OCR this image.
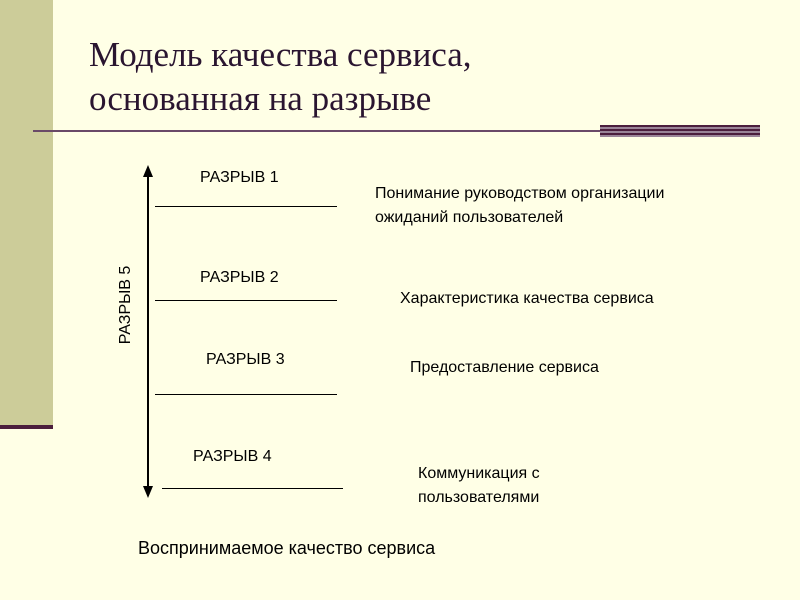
Модель качества сервиса,
основанная на разрыве
РАЗРЫВ 5
РАЗРЫВ 1
РАЗРЫВ 2
РАЗРЫВ 3
РАЗРЫВ 4
Понимание руководством организации
ожиданий пользователей
Характеристика качества сервиса
Предоставление сервиса
Коммуникация с
пользователями
Воспринимаемое качество сервиса
